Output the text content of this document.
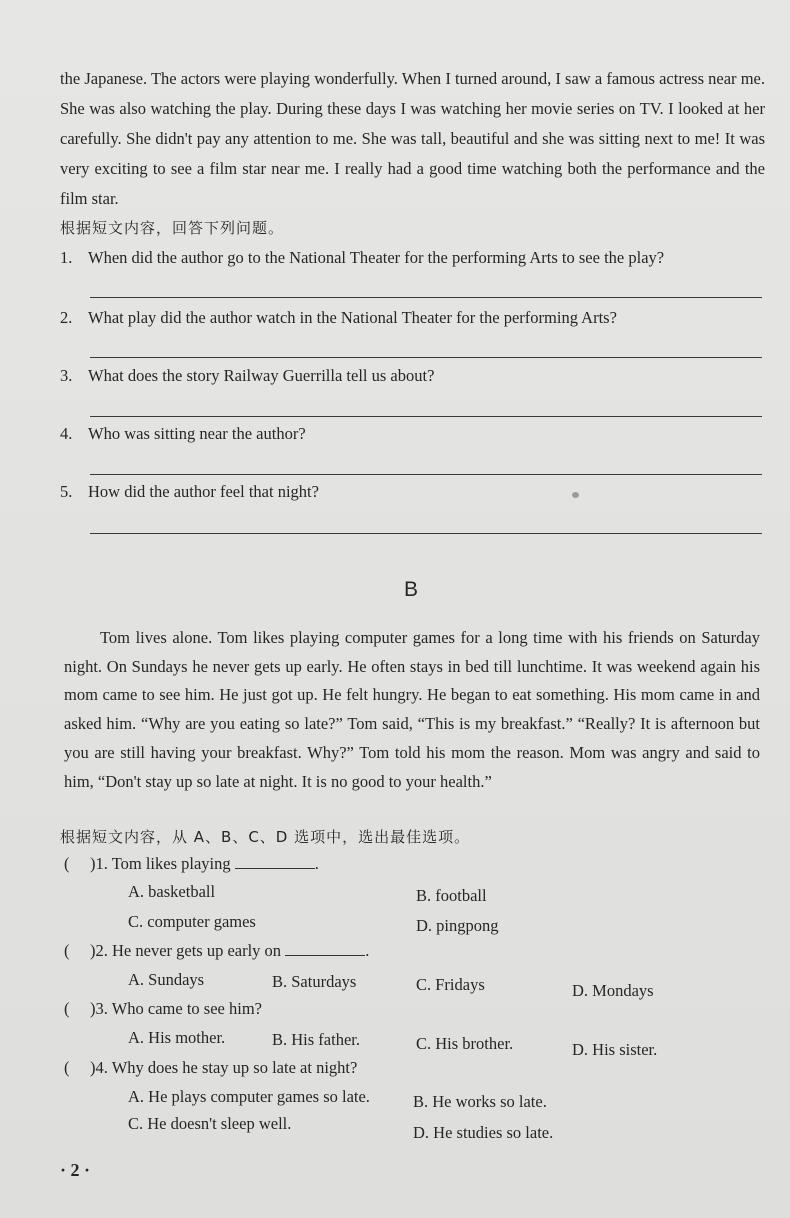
the Japanese. The actors were playing wonderfully. When I turned around, I saw a famous actress near me. She was also watching the play. During these days I was watching her movie series on TV. I looked at her carefully. She didn't pay any attention to me. She was tall, beautiful and she was sitting next to me! It was very exciting to see a film star near me. I really had a good time watching both the performance and the film star.

根据短文内容，回答下列问题。
1. When did the author go to the National Theater for the performing Arts to see the play?
2. What play did the author watch in the National Theater for the performing Arts?
3. What does the story Railway Guerrilla tell us about?
4. Who was sitting near the author?
5. How did the author feel that night?
B

Tom lives alone. Tom likes playing computer games for a long time with his friends on Saturday night. On Sundays he never gets up early. He often stays in bed till lunchtime. It was weekend again his mom came to see him. He just got up. He felt hungry. He began to eat something. His mom came in and asked him. “Why are you eating so late?” Tom said, “This is my breakfast.” “Really? It is afternoon but you are still having your breakfast. Why?” Tom told his mom the reason. Mom was angry and said to him, “Don't stay up so late at night. It is no good to your health.”

根据短文内容，从 A、B、C、D 选项中，选出最佳选项。
( )1. Tom likes playing	.
A. basketball	B. football
C. computer games	D. pingpong
( )2. He never gets up early on	.
A. Sundays	B. Saturdays	C. Fridays	D. Mondays
( )3. Who came to see him?
A. His mother.	B. His father.	C. His brother.	D. His sister.
( )4. Why does he stay up so late at night?
A. He plays computer games so late.	B. He works so late.
C. He doesn't sleep well.	D. He studies so late.
· 2 ·
